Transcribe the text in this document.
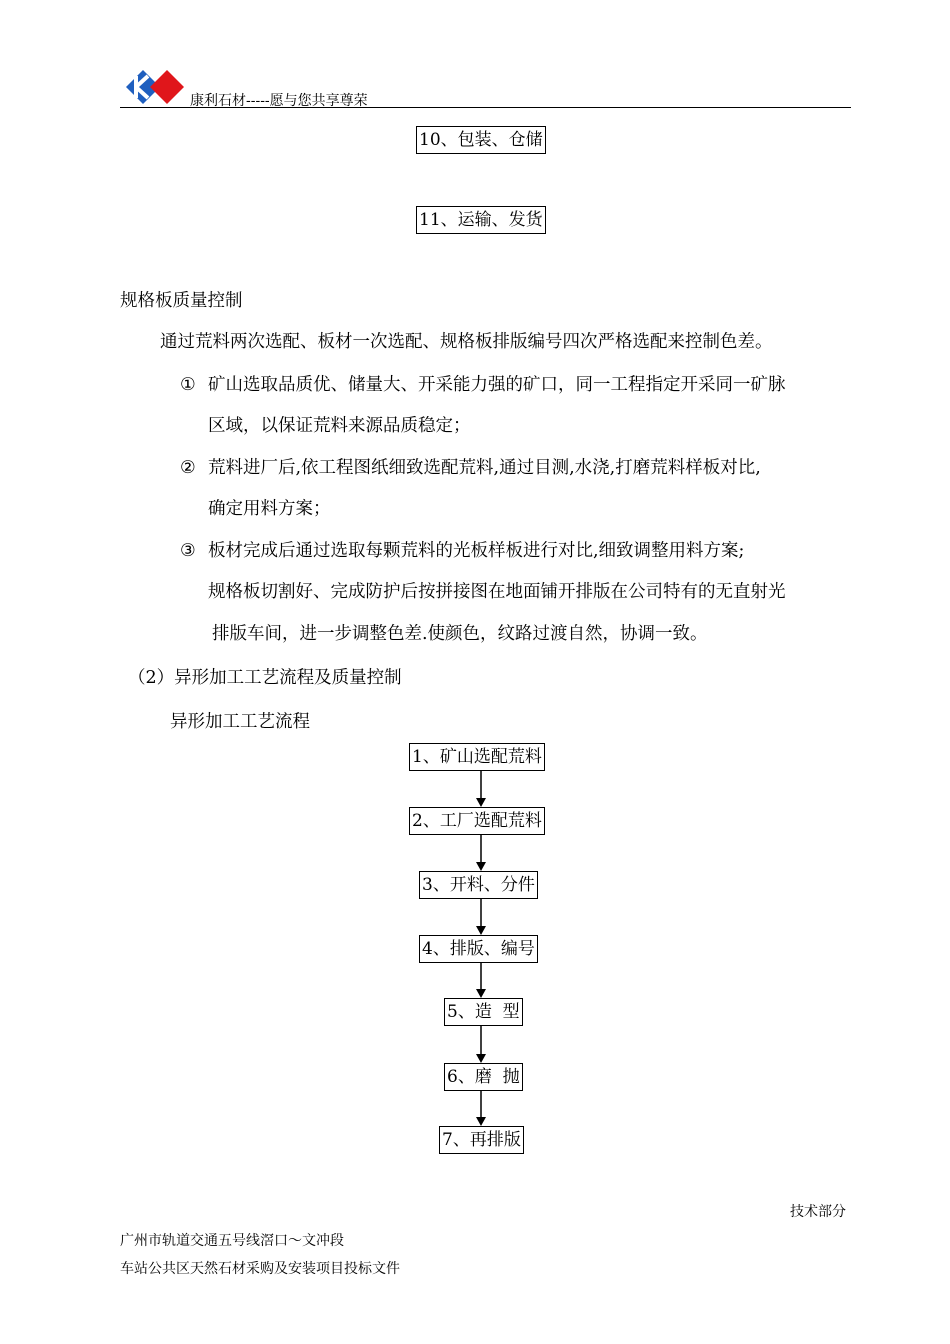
康利石材-----愿与您共享尊荣
10、包装、仓储
11、运输、发货
规格板质量控制
通过荒料两次选配、板材一次选配、规格板排版编号四次严格选配来控制色差。
① 矿山选取品质优、储量大、开采能力强的矿口，同一工程指定开采同一矿脉
区域，以保证荒料来源品质稳定；
② 荒料进厂后,依工程图纸细致选配荒料,通过目测,水浇,打磨荒料样板对比,
确定用料方案；
③ 板材完成后通过选取每颗荒料的光板样板进行对比,细致调整用料方案;
规格板切割好、完成防护后按拼接图在地面铺开排版在公司特有的无直射光
排版车间，进一步调整色差.使颜色，纹路过渡自然，协调一致。
（2）异形加工工艺流程及质量控制
异形加工工艺流程
1、矿山选配荒料
2、工厂选配荒料
3、开料、分件
4、排版、编号
5、造  型
6、磨  抛
7、再排版
技术部分
广州市轨道交通五号线滘口～文冲段
车站公共区天然石材采购及安装项目投标文件
